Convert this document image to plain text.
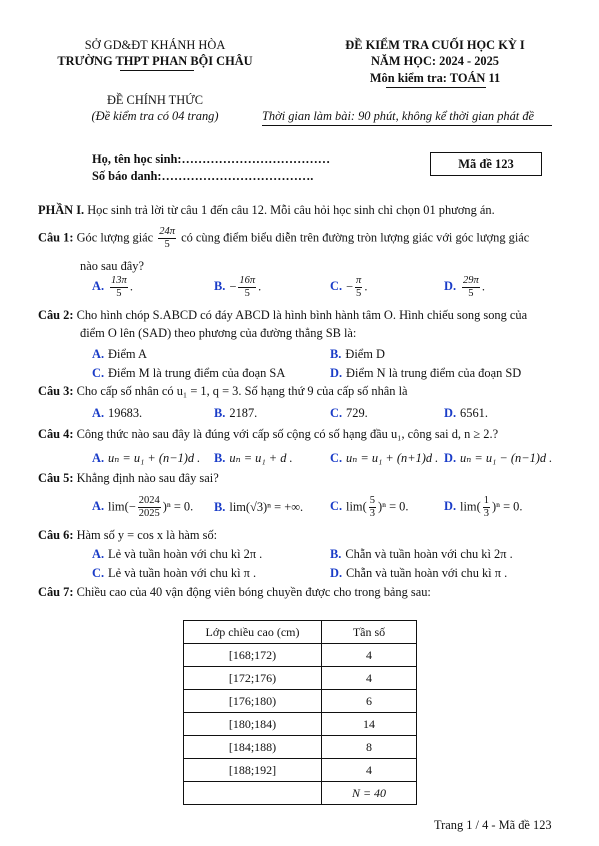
SỞ GD&ĐT KHÁNH HÒA
TRƯỜNG THPT PHAN BỘI CHÂU
ĐỀ KIỂM TRA CUỐI HỌC KỲ I
NĂM HỌC: 2024 - 2025
Môn kiểm tra: TOÁN 11
ĐỀ CHÍNH THỨC
(Đề kiểm tra có 04 trang)	Thời gian làm bài: 90 phút, không kể thời gian phát đề
Họ, tên học sinh:………………………………
Số báo danh:……………………………….
Mã đề 123
PHẦN I. Học sinh trả lời từ câu 1 đến câu 12. Mỗi câu hỏi học sinh chỉ chọn 01 phương án.
Câu 1: Góc lượng giác $\frac{24\pi}{5}$ có cùng điểm biểu diễn trên đường tròn lượng giác với góc lượng giác
nào sau đây?
A. $\frac{13\pi}{5}$ .	B. − $\frac{16\pi}{5}$ .	C. − $\frac{\pi}{5}$ .	D. $\frac{29\pi}{5}$ .
Câu 2: Cho hình chóp S.ABCD có đáy ABCD là hình bình hành tâm O. Hình chiếu song song của
điểm O lên (SAD) theo phương của đường thẳng SB là:
A. Điểm A	B. Điểm D
C. Điểm M là trung điểm của đoạn SA	D. Điểm N là trung điểm của đoạn SD
Câu 3: Cho cấp số nhân có u₁ = 1, q = 3. Số hạng thứ 9 của cấp số nhân là
A. 19683.	B. 2187.	C. 729.	D. 6561.
Câu 4: Công thức nào sau đây là đúng với cấp số cộng có số hạng đầu u₁, công sai d, n ≥ 2.?
A. uₙ = u₁ + (n−1)d . B. uₙ = u₁ + d .	C. uₙ = u₁ + (n+1)d . D. uₙ = u₁ − (n−1)d .
Câu 5: Khẳng định nào sau đây sai?
A. $\lim(- \frac{2024}{2025} )^n = 0$. B. lim(√3)ⁿ = +∞. C. $\lim( \frac{5}{3} )^n = 0$.	D. $\lim( \frac{1}{3} )^n = 0$.
Câu 6: Hàm số y = cos x là hàm số:
A. Lẻ và tuần hoàn với chu kì 2π .	B. Chẵn và tuần hoàn với chu kì 2π .
C. Lẻ và tuần hoàn với chu kì π .	D. Chẵn và tuần hoàn với chu kì π .
Câu 7: Chiều cao của 40 vận động viên bóng chuyền được cho trong bảng sau:
Lớp chiều cao (cm)	Tần số
[168;172)	4
[172;176)	4
[176;180)	6
[180;184)	14
[184;188)	8
[188;192]	4
	N = 40
Trang 1 / 4 - Mã đề 123
